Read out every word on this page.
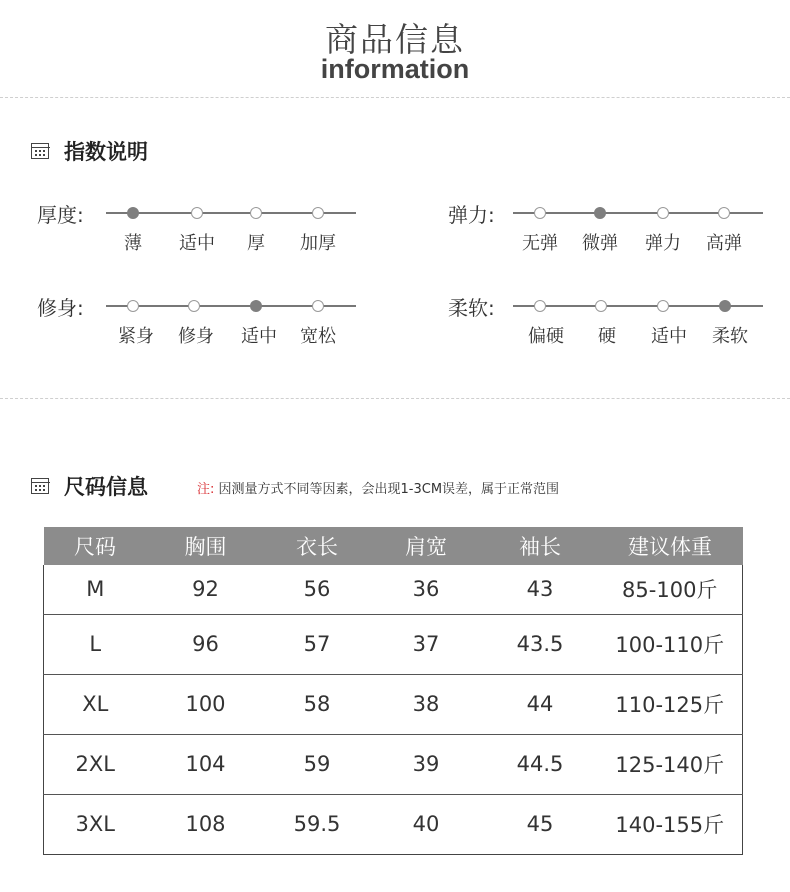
商品信息
information
指数说明
厚度:
薄	适中	厚	加厚
弹力:
无弹	微弹	弹力	高弹
修身:
紧身	修身	适中	宽松
柔软:
偏硬	硬	适中	柔软
尺码信息	注: 因测量方式不同等因素，会出现1-3CM误差，属于正常范围
尺码	胸围	衣长	肩宽	袖长	建议体重
M	92	56	36	43	85-100斤
L	96	57	37	43.5	100-110斤
XL	100	58	38	44	110-125斤
2XL	104	59	39	44.5	125-140斤
3XL	108	59.5	40	45	140-155斤
